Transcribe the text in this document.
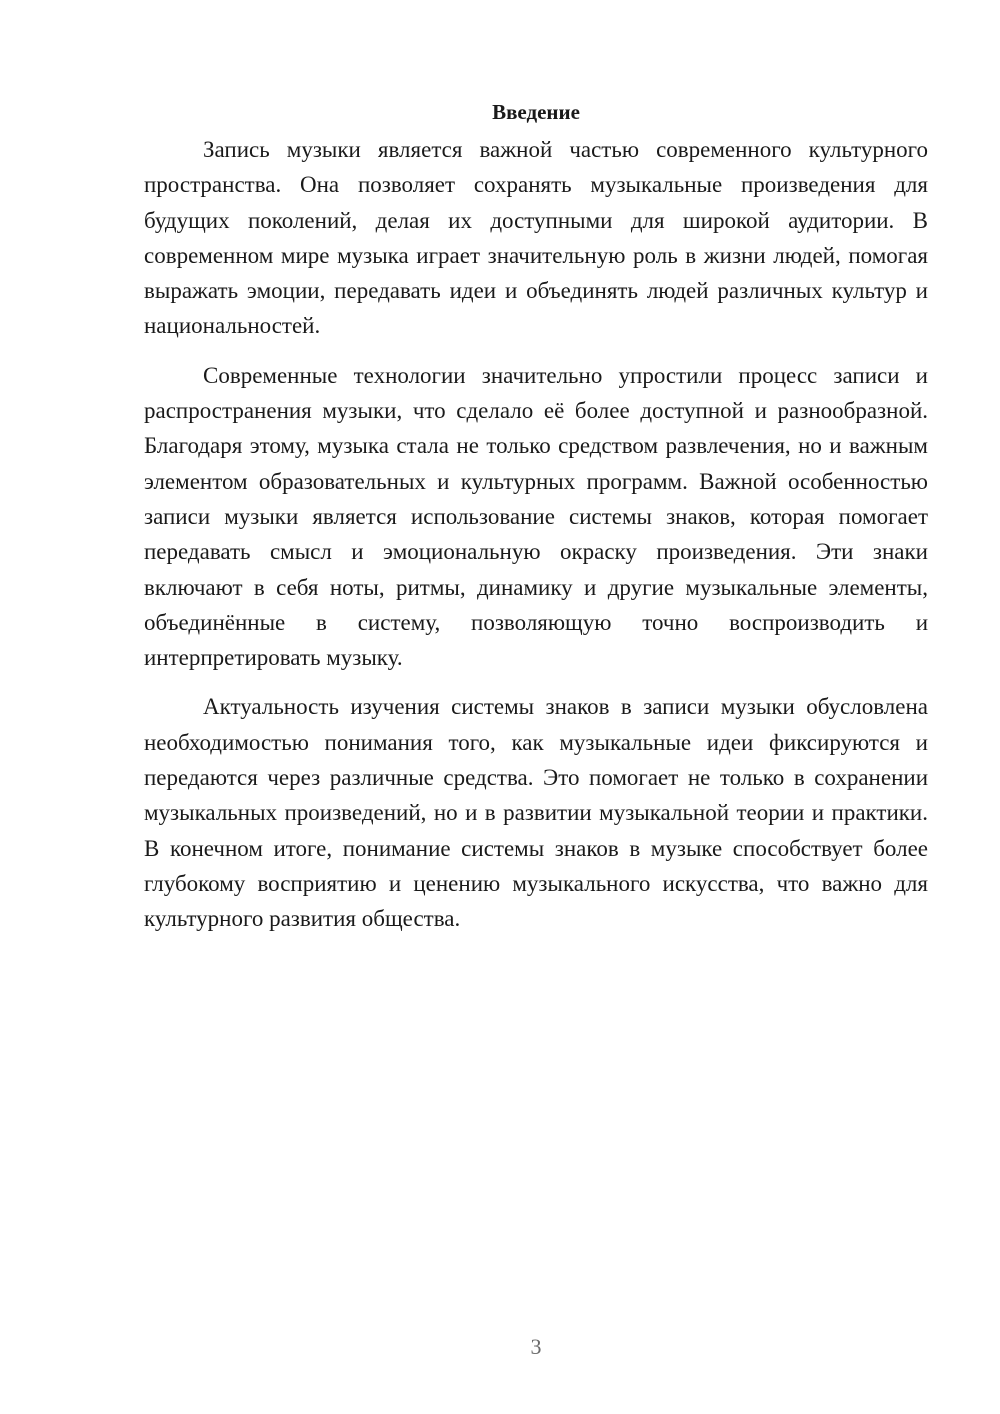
Введение

Запись музыки является важной частью современного культурного пространства. Она позволяет сохранять музыкальные произведения для будущих поколений, делая их доступными для широкой аудитории. В современном мире музыка играет значительную роль в жизни людей, помогая выражать эмоции, передавать идеи и объединять людей различных культур и национальностей.

Современные технологии значительно упростили процесс записи и распространения музыки, что сделало её более доступной и разнообразной. Благодаря этому, музыка стала не только средством развлечения, но и важным элементом образовательных и культурных программ. Важной особенностью записи музыки является использование системы знаков, которая помогает передавать смысл и эмоциональную окраску произведения. Эти знаки включают в себя ноты, ритмы, динамику и другие музыкальные элементы, объединённые в систему, позволяющую точно воспроизводить и интерпретировать музыку.

Актуальность изучения системы знаков в записи музыки обусловлена необходимостью понимания того, как музыкальные идеи фиксируются и передаются через различные средства. Это помогает не только в сохранении музыкальных произведений, но и в развитии музыкальной теории и практики. В конечном итоге, понимание системы знаков в музыке способствует более глубокому восприятию и ценению музыкального искусства, что важно для культурного развития общества.

3
